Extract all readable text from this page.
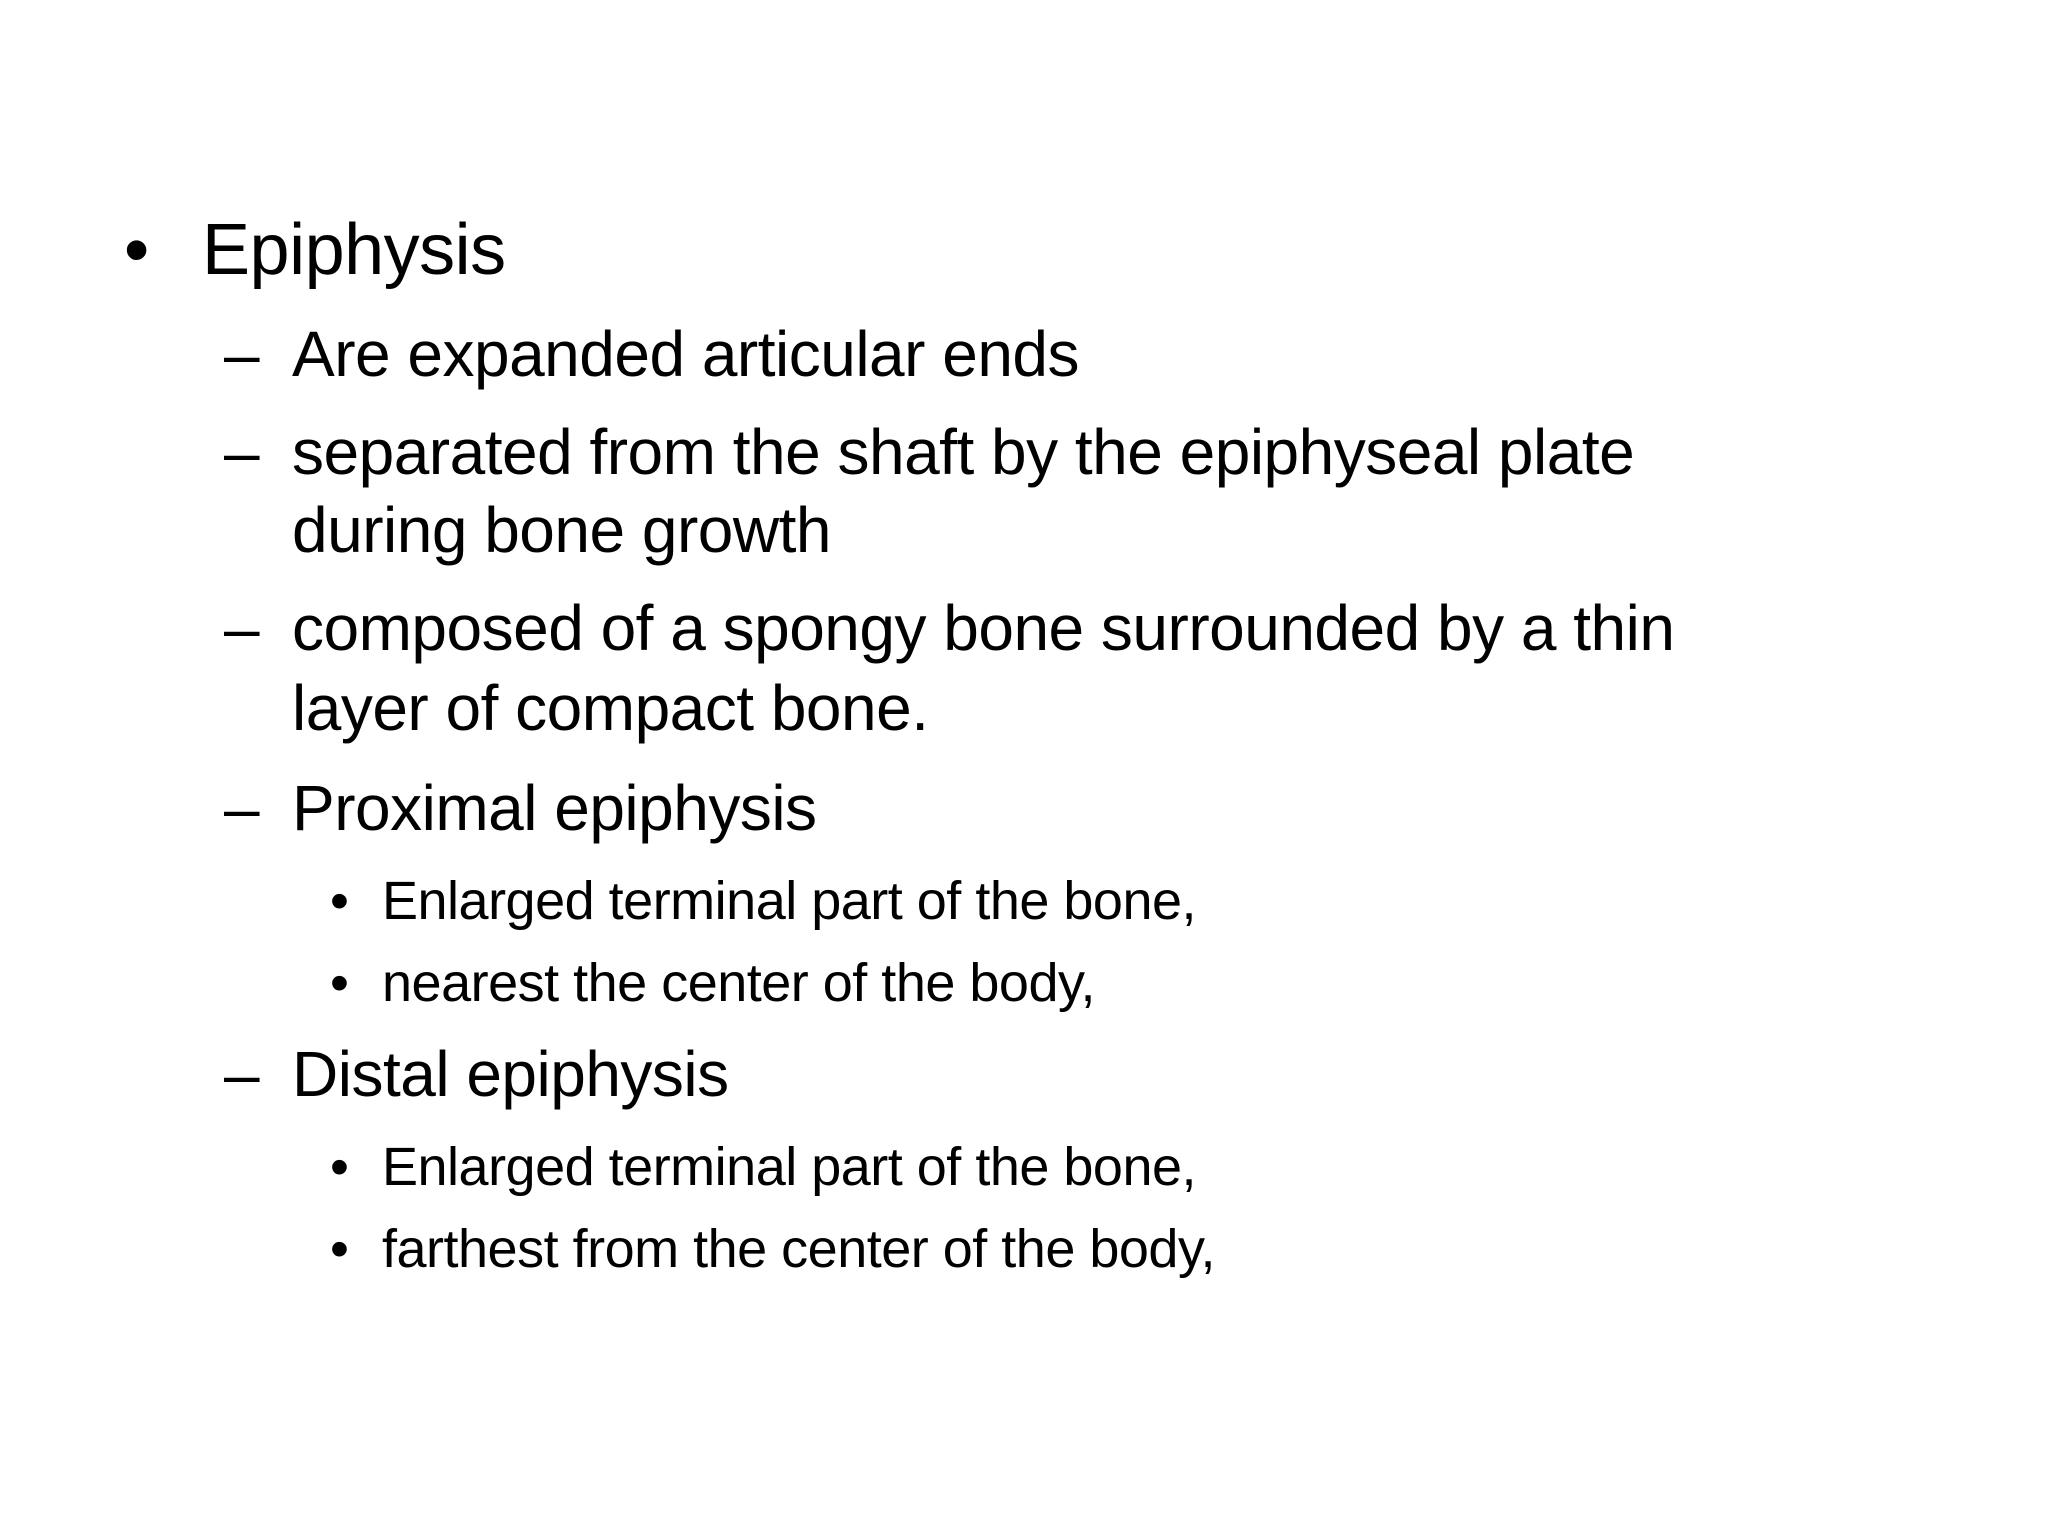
• Epiphysis
– Are expanded articular ends
– separated from the shaft by the epiphyseal plate
during bone growth
– composed of a spongy bone surrounded by a thin
layer of compact bone.
– Proximal epiphysis
• Enlarged terminal part of the bone,
• nearest the center of the body,
– Distal epiphysis
• Enlarged terminal part of the bone,
• farthest from the center of the body,
